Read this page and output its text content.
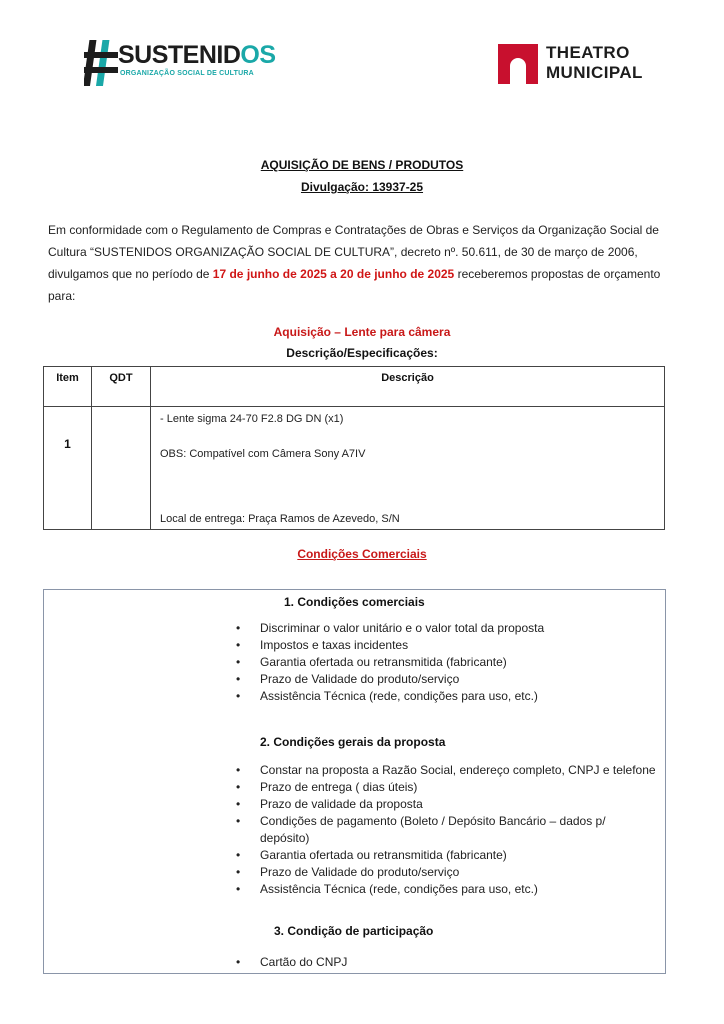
SUSTENIDOS
ORGANIZAÇÃO SOCIAL DE CULTURA
THEATRO
MUNICIPAL
AQUISIÇÃO DE BENS / PRODUTOS
Divulgação: 13937-25
Em conformidade com o Regulamento de Compras e Contratações de Obras e Serviços da Organização Social de Cultura “SUSTENIDOS ORGANIZAÇÃO SOCIAL DE CULTURA”, decreto nº. 50.611, de 30 de março de 2006, divulgamos que no período de 17 de junho de 2025 a 20 de junho de 2025 receberemos propostas de orçamento para:
Aquisição – Lente para câmera
Descrição/Especificações:
Item	QDT	Descrição
1		- Lente sigma 24-70 F2.8 DG DN (x1)
OBS: Compatível com Câmera Sony A7IV
Local de entrega: Praça Ramos de Azevedo, S/N
Condições Comerciais
1. Condições comerciais
• Discriminar o valor unitário e o valor total da proposta
• Impostos e taxas incidentes
• Garantia ofertada ou retransmitida (fabricante)
• Prazo de Validade do produto/serviço
• Assistência Técnica (rede, condições para uso, etc.)
2. Condições gerais da proposta
• Constar na proposta a Razão Social, endereço completo, CNPJ e telefone
• Prazo de entrega ( dias úteis)
• Prazo de validade da proposta
• Condições de pagamento (Boleto / Depósito Bancário – dados p/ depósito)
• Garantia ofertada ou retransmitida (fabricante)
• Prazo de Validade do produto/serviço
• Assistência Técnica (rede, condições para uso, etc.)
3. Condição de participação
• Cartão do CNPJ
